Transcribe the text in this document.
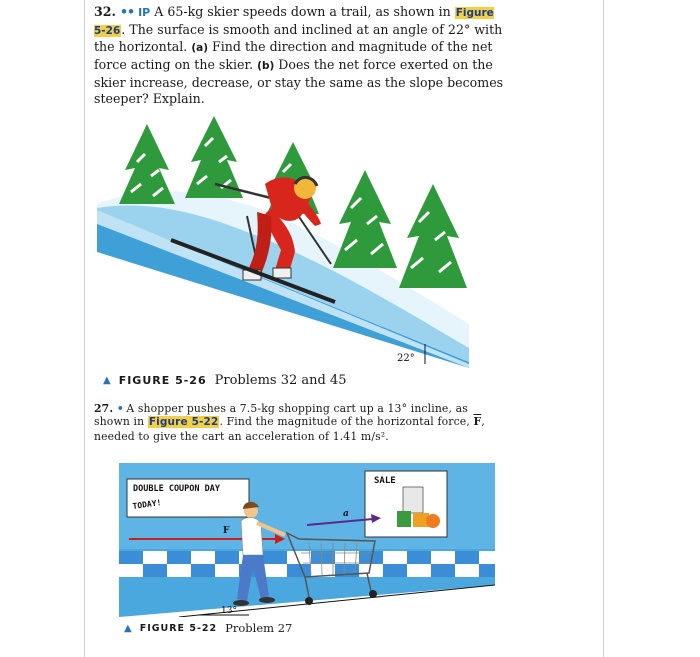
32. •• IP A 65-kg skier speeds down a trail, as shown in Figure 5-26. The surface is smooth and inclined at an angle of 22° with the horizontal. (a) Find the direction and magnitude of the net force acting on the skier. (b) Does the net force exerted on the skier increase, decrease, or stay the same as the slope becomes steeper? Explain.
22°
▲ FIGURE 5-26 Problems 32 and 45
27. • A shopper pushes a 7.5-kg shopping cart up a 13° incline, as shown in Figure 5-22. Find the magnitude of the horizontal force, $\overline{F}$, needed to give the cart an acceleration of 1.41 m/s².
13°
DOUBLE COUPON DAY
TODAY!
SALE
a
F
▲ FIGURE 5-22 Problem 27
